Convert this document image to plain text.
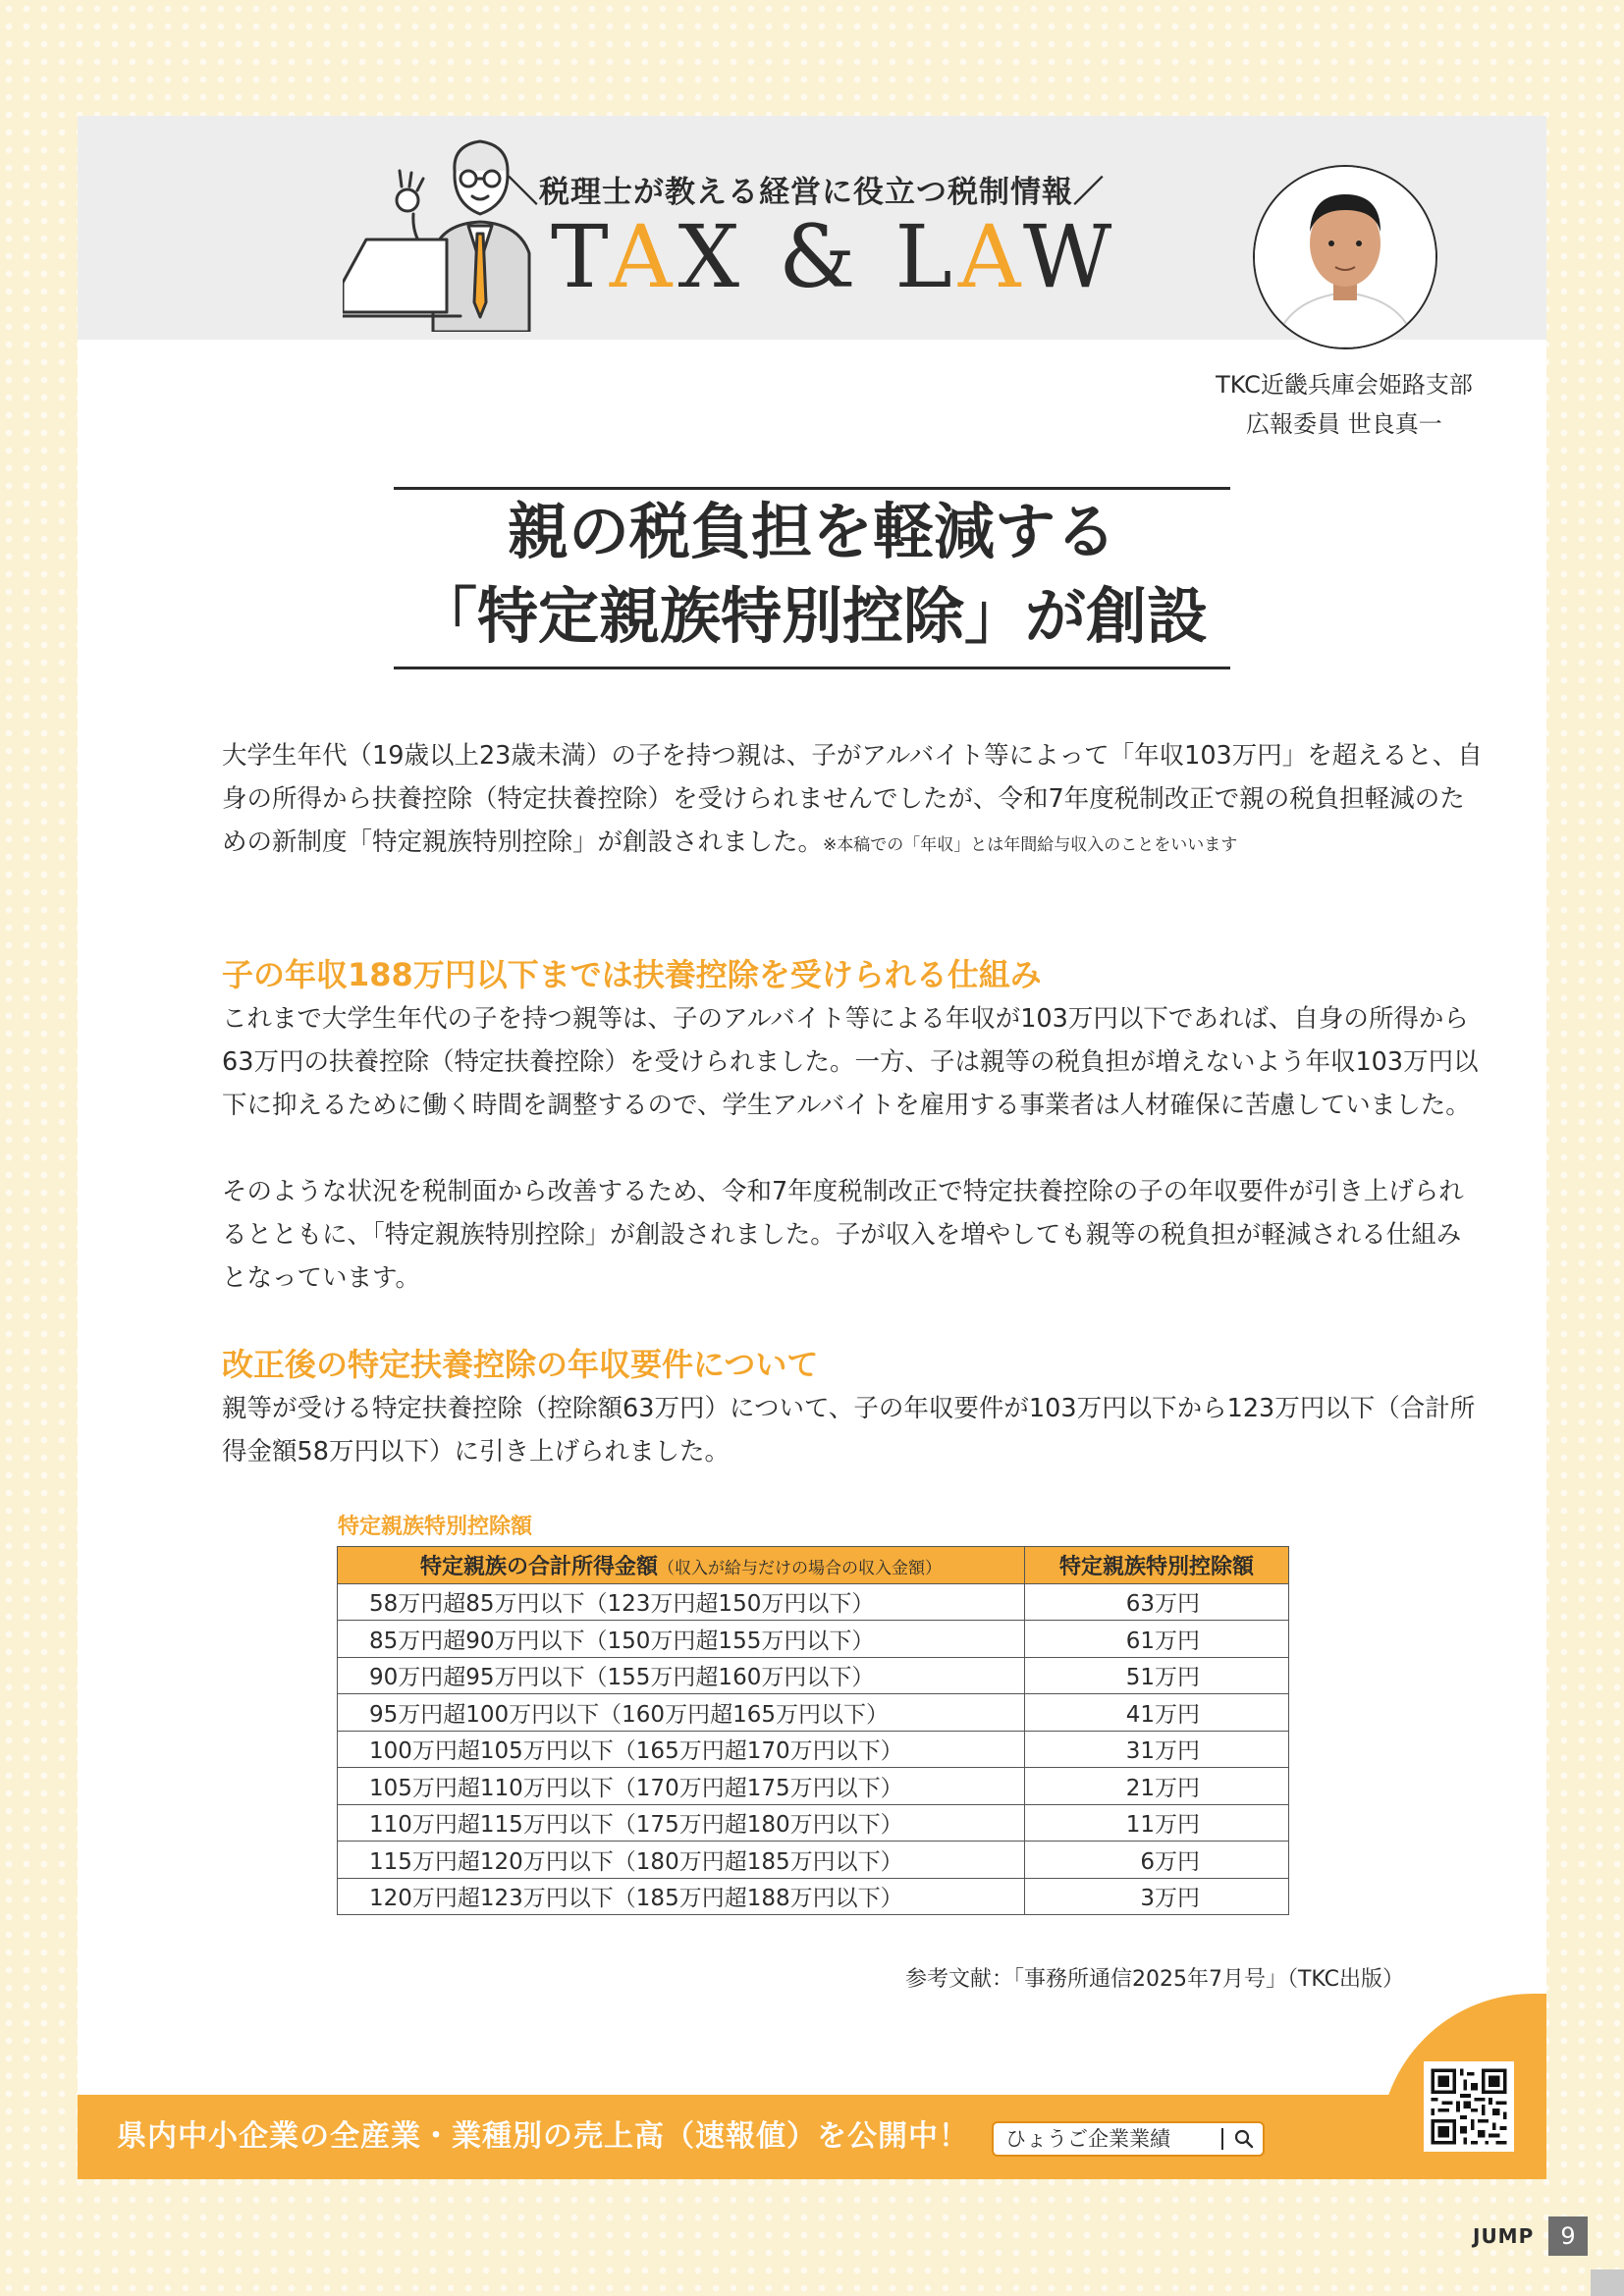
＼税理士が教える経営に役立つ税制情報／
TAX & LAW
TKC近畿兵庫会姫路支部
広報委員 世良真一
親の税負担を軽減する
「特定親族特別控除」が創設
大学生年代（19歳以上23歳未満）の子を持つ親は、子がアルバイト等によって「年収103万円」を超えると、自身の所得から扶養控除（特定扶養控除）を受けられませんでしたが、令和7年度税制改正で親の税負担軽減のための新制度「特定親族特別控除」が創設されました。※本稿での「年収」とは年間給与収入のことをいいます
子の年収188万円以下までは扶養控除を受けられる仕組み
これまで大学生年代の子を持つ親等は、子のアルバイト等による年収が103万円以下であれば、自身の所得から63万円の扶養控除（特定扶養控除）を受けられました。一方、子は親等の税負担が増えないよう年収103万円以下に抑えるために働く時間を調整するので、学生アルバイトを雇用する事業者は人材確保に苦慮していました。
そのような状況を税制面から改善するため、令和7年度税制改正で特定扶養控除の子の年収要件が引き上げられるとともに、「特定親族特別控除」が創設されました。子が収入を増やしても親等の税負担が軽減される仕組みとなっています。
改正後の特定扶養控除の年収要件について
親等が受ける特定扶養控除（控除額63万円）について、子の年収要件が103万円以下から123万円以下（合計所得金額58万円以下）に引き上げられました。
特定親族特別控除額
特定親族の合計所得金額（収入が給与だけの場合の収入金額）	特定親族特別控除額
58万円超85万円以下（123万円超150万円以下）	63万円
85万円超90万円以下（150万円超155万円以下）	61万円
90万円超95万円以下（155万円超160万円以下）	51万円
95万円超100万円以下（160万円超165万円以下）	41万円
100万円超105万円以下（165万円超170万円以下）	31万円
105万円超110万円以下（170万円超175万円以下）	21万円
110万円超115万円以下（175万円超180万円以下）	11万円
115万円超120万円以下（180万円超185万円以下）	6万円
120万円超123万円以下（185万円超188万円以下）	3万円
参考文献：「事務所通信2025年7月号」（TKC出版）
県内中小企業の全産業・業種別の売上高（速報値）を公開中！ ひょうご企業業績
JUMP	9
